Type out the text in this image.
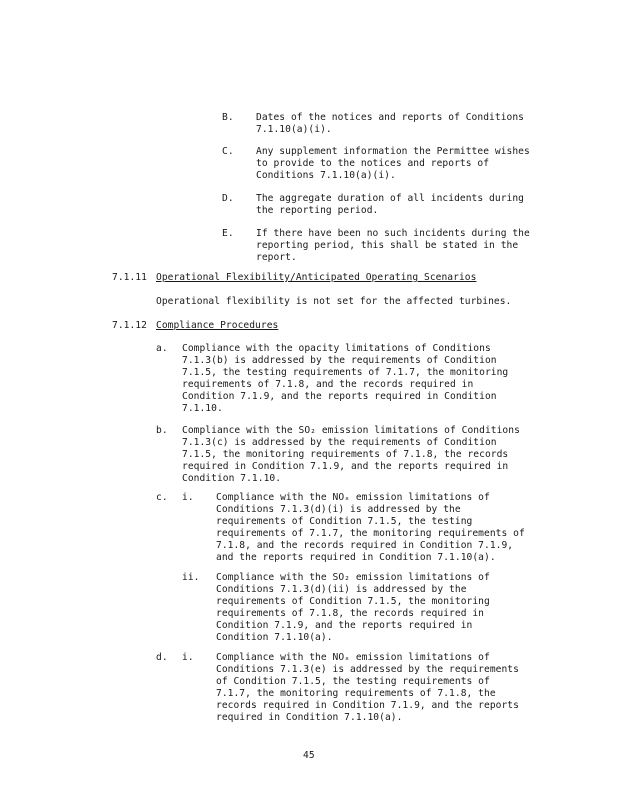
B. Dates of the notices and reports of Conditions
7.1.10(a)(i).
C. Any supplement information the Permittee wishes
to provide to the notices and reports of
Conditions 7.1.10(a)(i).
D. The aggregate duration of all incidents during
the reporting period.
E. If there have been no such incidents during the
reporting period, this shall be stated in the
report.
7.1.11 Operational Flexibility/Anticipated Operating Scenarios
Operational flexibility is not set for the affected turbines.
7.1.12 Compliance Procedures
a. Compliance with the opacity limitations of Conditions
7.1.3(b) is addressed by the requirements of Condition
7.1.5, the testing requirements of 7.1.7, the monitoring
requirements of 7.1.8, and the records required in
Condition 7.1.9, and the reports required in Condition
7.1.10.
b. Compliance with the SO₂ emission limitations of Conditions
7.1.3(c) is addressed by the requirements of Condition
7.1.5, the monitoring requirements of 7.1.8, the records
required in Condition 7.1.9, and the reports required in
Condition 7.1.10.
c. i. Compliance with the NOₓ emission limitations of
Conditions 7.1.3(d)(i) is addressed by the
requirements of Condition 7.1.5, the testing
requirements of 7.1.7, the monitoring requirements of
7.1.8, and the records required in Condition 7.1.9,
and the reports required in Condition 7.1.10(a).
ii. Compliance with the SO₂ emission limitations of
Conditions 7.1.3(d)(ii) is addressed by the
requirements of Condition 7.1.5, the monitoring
requirements of 7.1.8, the records required in
Condition 7.1.9, and the reports required in
Condition 7.1.10(a).
d. i. Compliance with the NOₓ emission limitations of
Conditions 7.1.3(e) is addressed by the requirements
of Condition 7.1.5, the testing requirements of
7.1.7, the monitoring requirements of 7.1.8, the
records required in Condition 7.1.9, and the reports
required in Condition 7.1.10(a).
45
